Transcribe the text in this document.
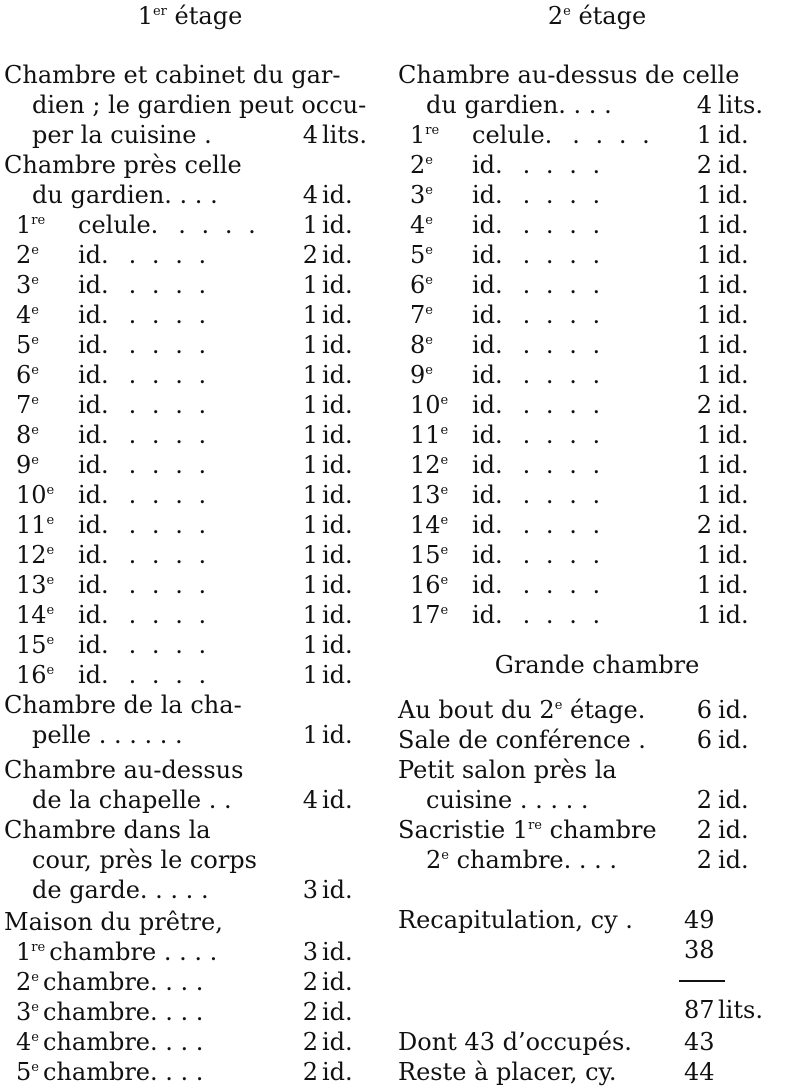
1er étage
Chambre et cabinet du gar-
dien ; le gardien peut occu-
per la cuisine .	4 lits.
Chambre près celle
du gardien. . . .	4 id.
1re celule. . . . .	1 id.
2e id. . . . .	2 id.
3e id. . . . .	1 id.
4e id. . . . .	1 id.
5e id. . . . .	1 id.
6e id. . . . .	1 id.
7e id. . . . .	1 id.
8e id. . . . .	1 id.
9e id. . . . .	1 id.
10e id. . . . .	1 id.
11e id. . . . .	1 id.
12e id. . . . .	1 id.
13e id. . . . .	1 id.
14e id. . . . .	1 id.
15e id. . . . .	1 id.
16e id. . . . .	1 id.
Chambre de la cha-
pelle . . . . . .	1 id.
Chambre au-dessus
de la chapelle . .	4 id.
Chambre dans la
cour, près le corps
de garde. . . . .	3 id.
Maison du prêtre,
1re chambre . . . .	3 id.
2e chambre. . . .	2 id.
3e chambre. . . .	2 id.
4e chambre. . . .	2 id.
5e chambre. . . .	2 id.
2e étage
Chambre au-dessus de celle
du gardien. . . .	4 lits.
1re celule. . . . .	1 id.
2e id. . . . .	2 id.
3e id. . . . .	1 id.
4e id. . . . .	1 id.
5e id. . . . .	1 id.
6e id. . . . .	1 id.
7e id. . . . .	1 id.
8e id. . . . .	1 id.
9e id. . . . .	1 id.
10e id. . . . .	2 id.
11e id. . . . .	1 id.
12e id. . . . .	1 id.
13e id. . . . .	1 id.
14e id. . . . .	2 id.
15e id. . . . .	1 id.
16e id. . . . .	1 id.
17e id. . . . .	1 id.
Grande chambre
Au bout du 2e étage.	6 id.
Sale de conférence .	6 id.
Petit salon près la
cuisine . . . . .	2 id.
Sacristie 1re chambre	2 id.
2e chambre. . . .	2 id.
Recapitulation, cy . 49
38
87 lits.
Dont 43 d’occupés. 43
Reste à placer, cy.	44
